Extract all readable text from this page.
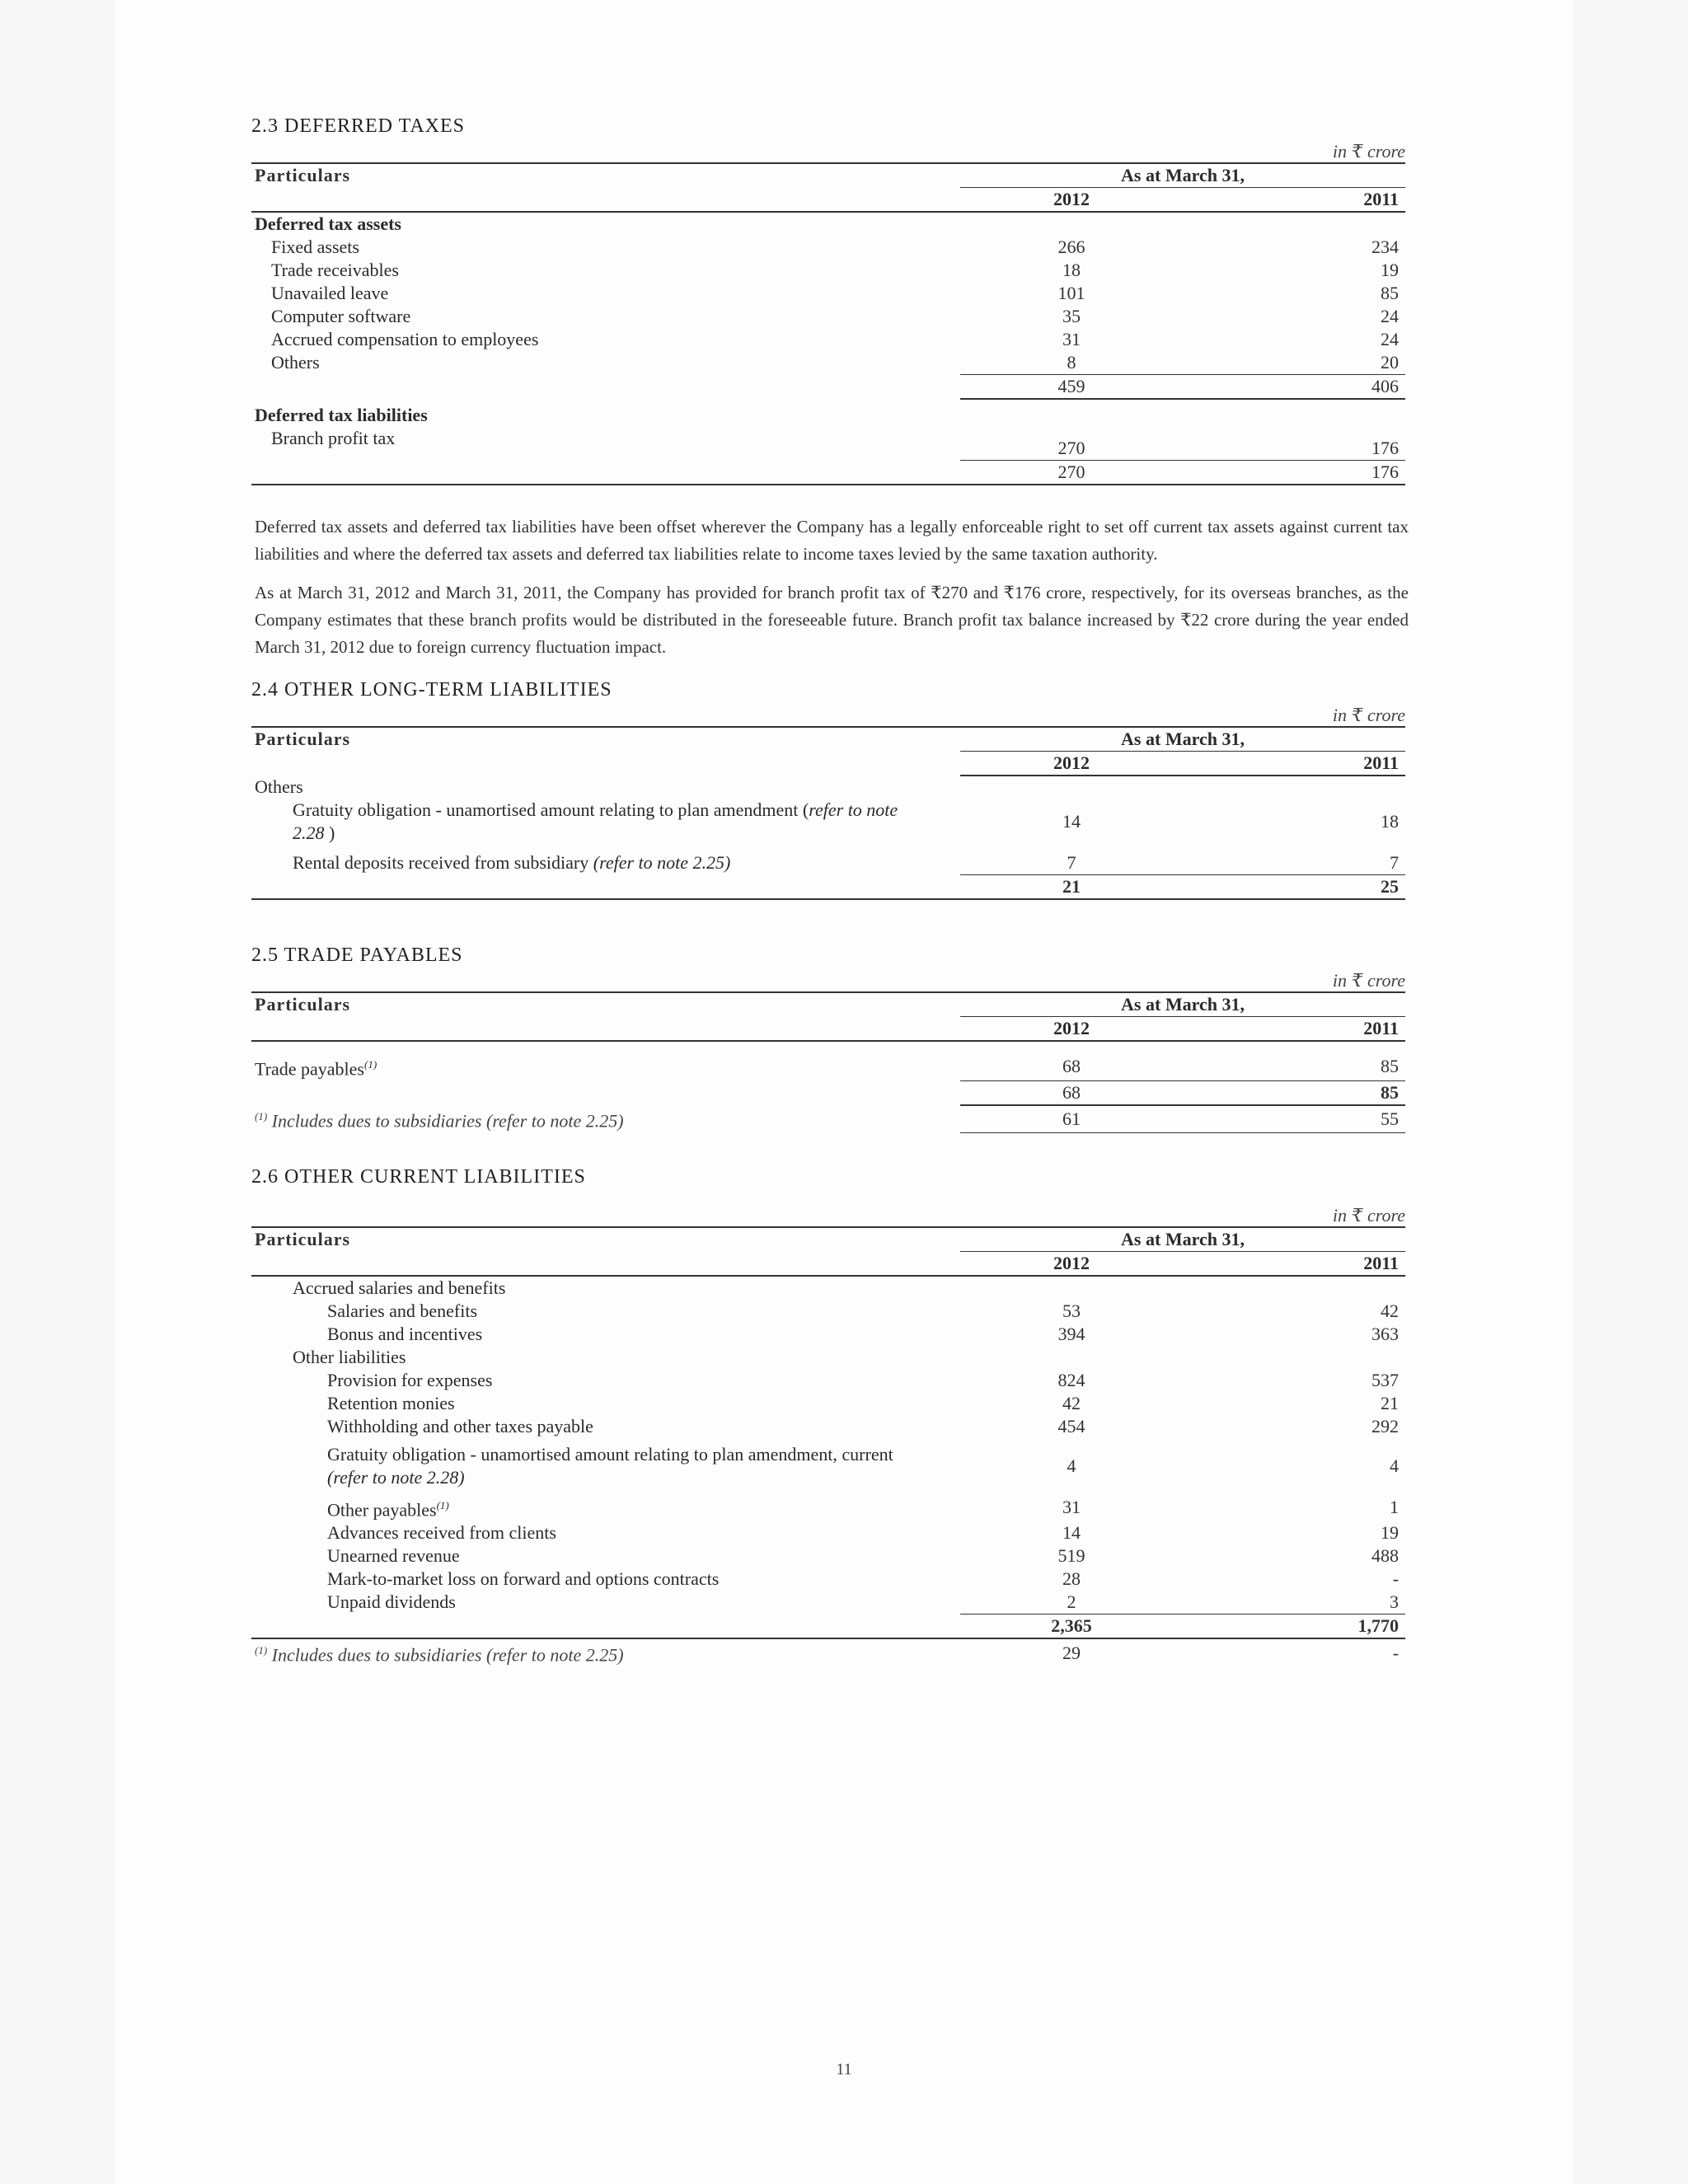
2.3 DEFERRED TAXES
in ₹ crore
Particulars	As at March 31,	
	2012	2011
Deferred tax assets		
Fixed assets	266	234
Trade receivables	18	19
Unavailed leave	101	85
Computer software	35	24
Accrued compensation to employees	31	24
Others	8	20
	459	406

Deferred tax liabilities		
Branch profit tax	270	176
	270	176

Deferred tax assets and deferred tax liabilities have been offset wherever the Company has a legally enforceable right to set off current tax assets against current tax liabilities and where the deferred tax assets and deferred tax liabilities relate to income taxes levied by the same taxation authority.

As at March 31, 2012 and March 31, 2011, the Company has provided for branch profit tax of ₹270 and ₹176 crore, respectively, for its overseas branches, as the Company estimates that these branch profits would be distributed in the foreseeable future. Branch profit tax balance increased by ₹22 crore during the year ended March 31, 2012 due to foreign currency fluctuation impact.

2.4 OTHER LONG-TERM LIABILITIES
in ₹ crore
Particulars	As at March 31,	
	2012	2011
Others		
Gratuity obligation - unamortised amount relating to plan amendment (refer to note 2.28 )	14	18

Rental deposits received from subsidiary (refer to note 2.25)	7	7
	21	25
2.5 TRADE PAYABLES
in ₹ crore
Particulars	As at March 31,	
	2012	2011

Trade payables$^{(1)}$	68	85
	68	85
$^{(1)}$ Includes dues to subsidiaries (refer to note 2.25)	61	55
2.6 OTHER CURRENT LIABILITIES
in ₹ crore
Particulars	As at March 31,	
	2012	2011
Accrued salaries and benefits		
Salaries and benefits	53	42
Bonus and incentives	394	363
Other liabilities		
Provision for expenses	824	537
Retention monies	42	21
Withholding and other taxes payable	454	292

Gratuity obligation - unamortised amount relating to plan amendment, current
(refer to note 2.28)	4	4

Other payables$^{(1)}$	31	1
Advances received from clients	14	19
Unearned revenue	519	488
Mark-to-market loss on forward and options contracts	28	-
Unpaid dividends	2	3
	2,365	1,770
$^{(1)}$ Includes dues to subsidiaries (refer to note 2.25)	29	-
11
